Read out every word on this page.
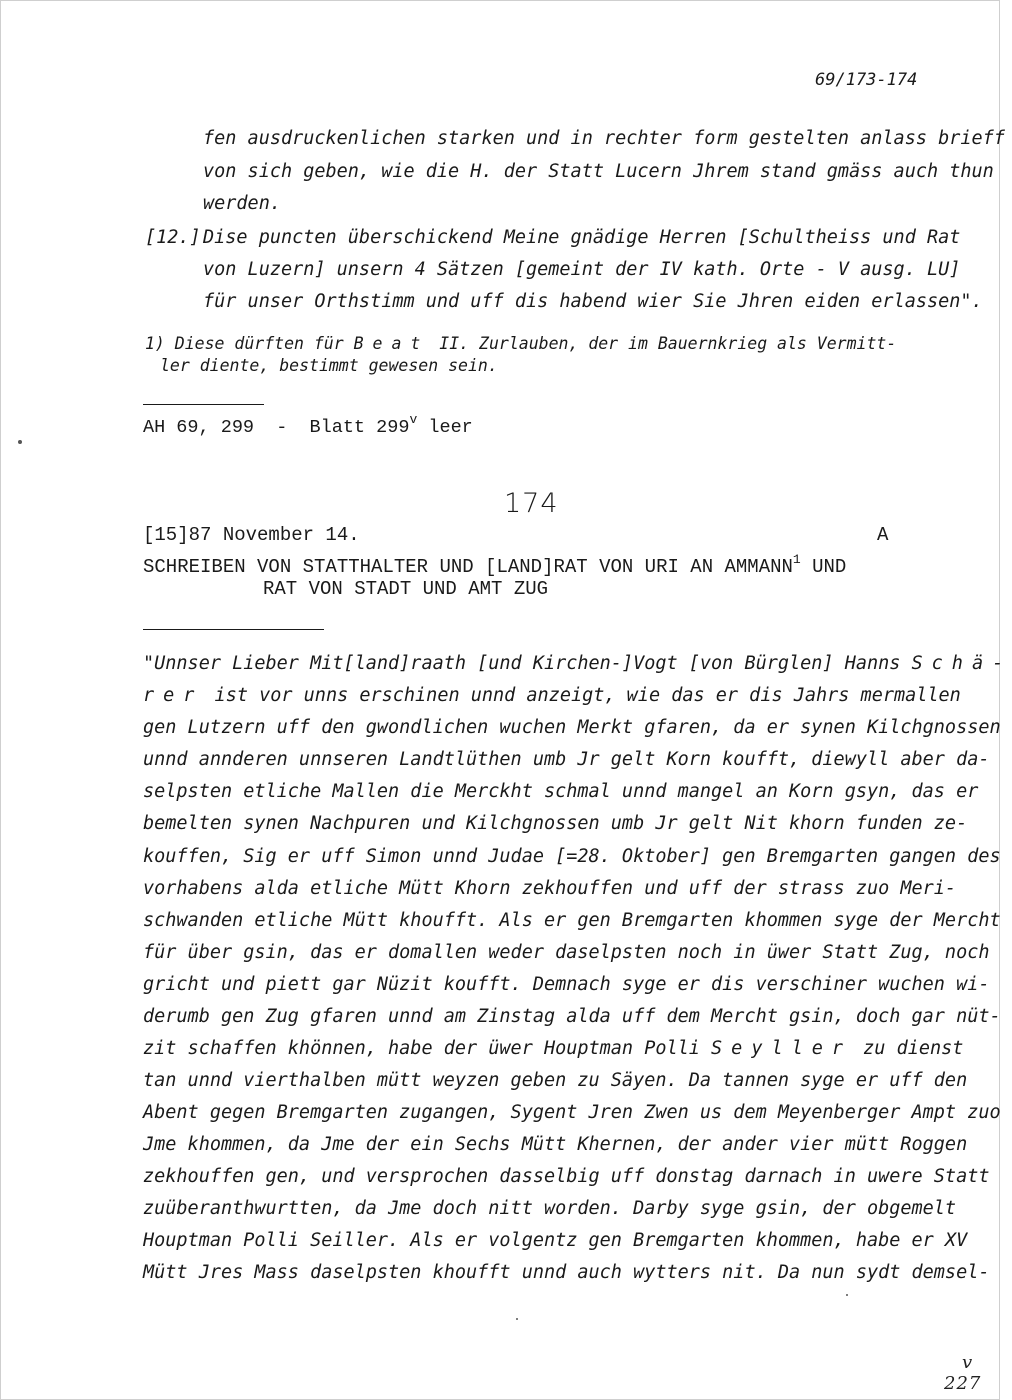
69/173-174
fen ausdruckenlichen starken und in rechter form gestelten anlass brieff
von sich geben, wie die H. der Statt Lucern Jhrem stand gmäss auch thun
werden.
[12.] Dise puncten überschickend Meine gnädige Herren [Schultheiss und Rat
von Luzern] unsern 4 Sätzen [gemeint der IV kath. Orte - V ausg. LU]
für unser Orthstimm und uff dis habend wier Sie Jhren eiden erlassen".
1) Diese dürften für Beat II. Zurlauben, der im Bauernkrieg als Vermitt-
ler diente, bestimmt gewesen sein.
AH 69, 299  -  Blatt 299$^v$ leer
174
[15]87 November 14.	A
SCHREIBEN VON STATTHALTER UND [LAND]RAT VON URI AN AMMANN$^1$ UND
RAT VON STADT UND AMT ZUG
"Unnser Lieber Mit[land]raath [und Kirchen-]Vogt [von Bürglen] Hanns Schä-
rer ist vor unns erschinen unnd anzeigt, wie das er dis Jahrs mermallen
gen Lutzern uff den gwondlichen wuchen Merkt gfaren, da er synen Kilchgnossen
unnd annderen unnseren Landtlüthen umb Jr gelt Korn koufft, diewyll aber da-
selpsten etliche Mallen die Merckht schmal unnd mangel an Korn gsyn, das er
bemelten synen Nachpuren und Kilchgnossen umb Jr gelt Nit khorn funden ze-
kouffen, Sig er uff Simon unnd Judae [=28. Oktober] gen Bremgarten gangen des
vorhabens alda etliche Mütt Khorn zekhouffen und uff der strass zuo Meri-
schwanden etliche Mütt khoufft. Als er gen Bremgarten khommen syge der Mercht
für über gsin, das er domallen weder daselpsten noch in üwer Statt Zug, noch
gricht und piett gar Nüzit koufft. Demnach syge er dis verschiner wuchen wi-
derumb gen Zug gfaren unnd am Zinstag alda uff dem Mercht gsin, doch gar nüt-
zit schaffen khönnen, habe der üwer Houptman Polli Seyller zu dienst
tan unnd vierthalben mütt weyzen geben zu Säyen. Da tannen syge er uff den
Abent gegen Bremgarten zugangen, Sygent Jren Zwen us dem Meyenberger Ampt zuo
Jme khommen, da Jme der ein Sechs Mütt Khernen, der ander vier mütt Roggen
zekhouffen gen, und versprochen dasselbig uff donstag darnach in uwere Statt
zuüberanthwurtten, da Jme doch nitt worden. Darby syge gsin, der obgemelt
Houptman Polli Seiller. Als er volgentz gen Bremgarten khommen, habe er XV
Mütt Jres Mass daselpsten khoufft unnd auch wytters nit. Da nun sydt demsel-
v
227
